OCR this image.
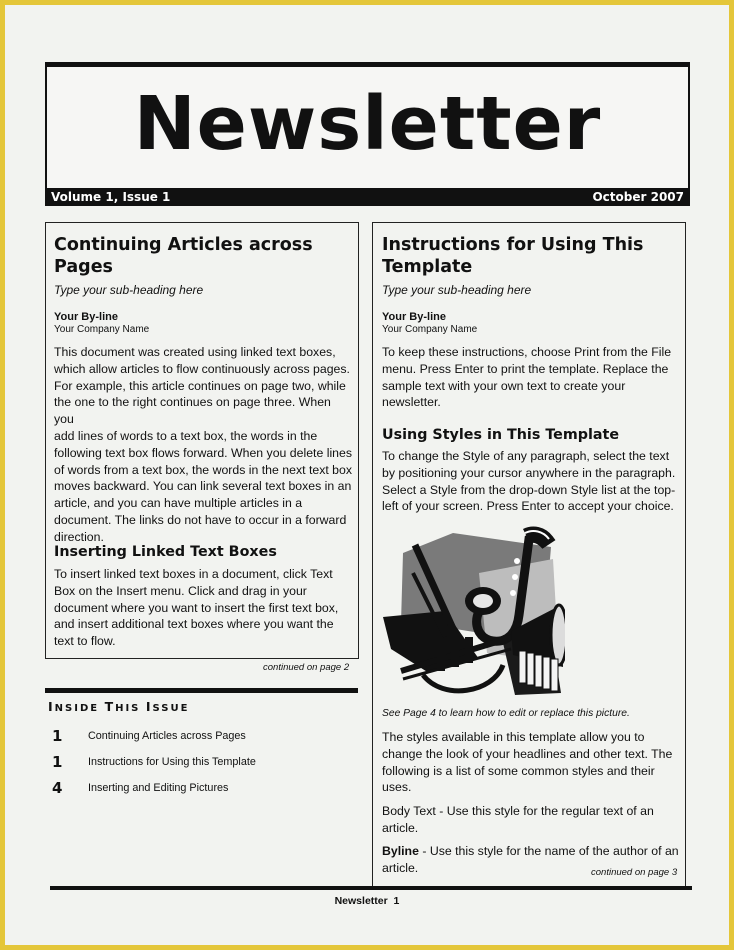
Newsletter
Volume 1, Issue 1	October 2007
Continuing Articles across
Pages
Type your sub-heading here
Your By-line
Your Company Name
This document was created using linked text boxes,
which allow articles to flow continuously across pages.
For example, this article continues on page two, while
the one to the right continues on page three. When you
add lines of words to a text box, the words in the
following text box flows forward. When you delete lines
of words from a text box, the words in the next text box
moves backward. You can link several text boxes in an
article, and you can have multiple articles in a
document. The links do not have to occur in a forward
direction.
Inserting Linked Text Boxes
To insert linked text boxes in a document, click Text
Box on the Insert menu. Click and drag in your
document where you want to insert the first text box,
and insert additional text boxes where you want the
text to flow.
continued on page 2
INSIDE THIS ISSUE
1 Continuing Articles across Pages
1 Instructions for Using this Template
4 Inserting and Editing Pictures
Instructions for Using This
Template
Type your sub-heading here
Your By-line
Your Company Name
To keep these instructions, choose Print from the File
menu. Press Enter to print the template. Replace the
sample text with your own text to create your
newsletter.
Using Styles in This Template
To change the Style of any paragraph, select the text
by positioning your cursor anywhere in the paragraph.
Select a Style from the drop-down Style list at the top-
left of your screen. Press Enter to accept your choice.
See Page 4 to learn how to edit or replace this picture.
The styles available in this template allow you to
change the look of your headlines and other text. The
following is a list of some common styles and their
uses.
Body Text - Use this style for the regular text of an
article.
Byline - Use this style for the name of the author of an
article.	continued on page 3
Newsletter 1
